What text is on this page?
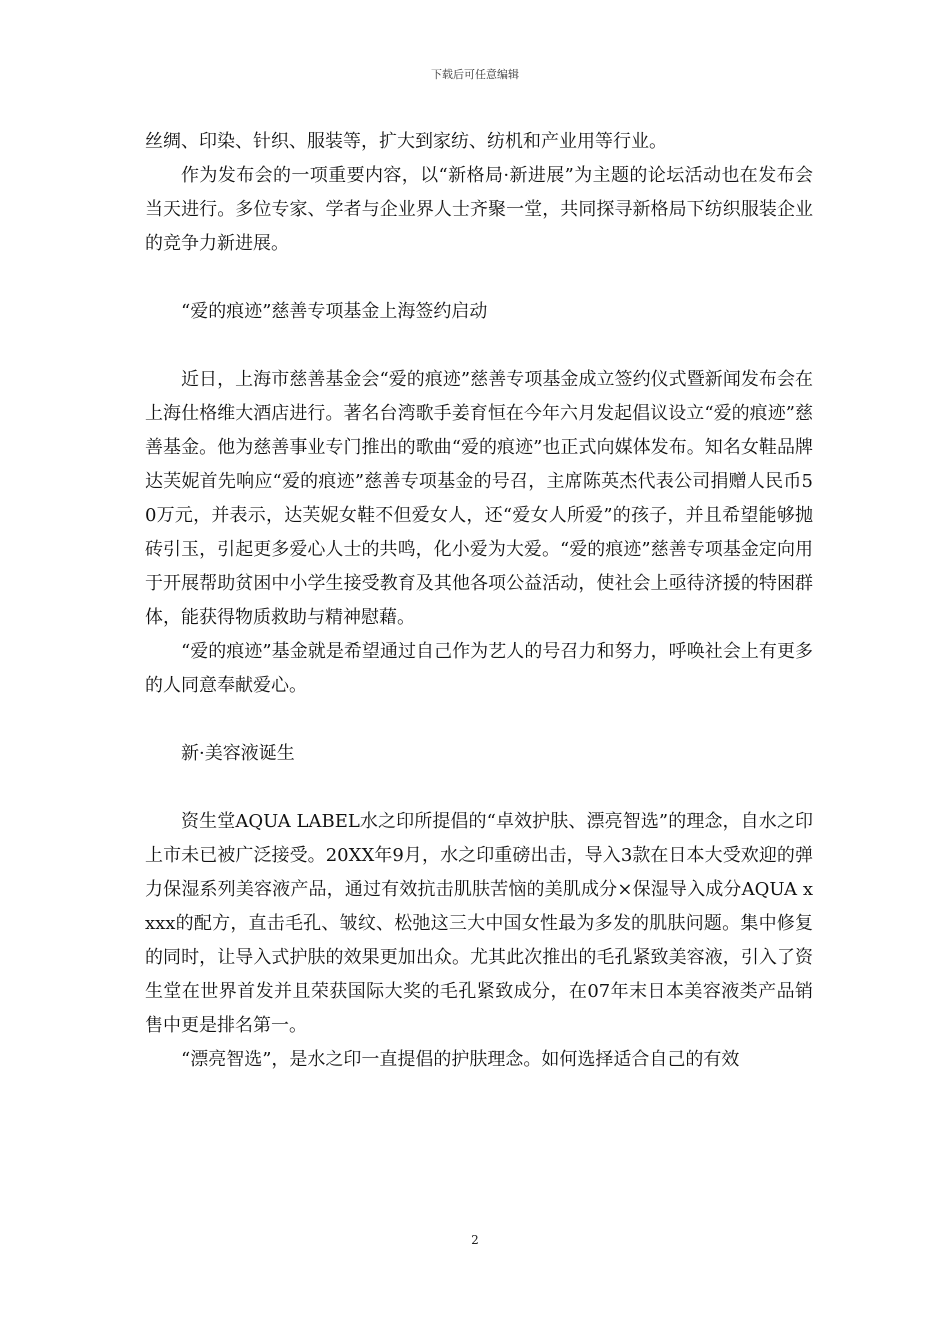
下载后可任意编辑

丝绸、印染、针织、服装等，扩大到家纺、纺机和产业用等行业。

作为发布会的一项重要内容，以“新格局·新进展”为主题的论坛活动也在发布会当天进行。多位专家、学者与企业界人士齐聚一堂，共同探寻新格局下纺织服装企业的竞争力新进展。

“爱的痕迹”慈善专项基金上海签约启动

近日，上海市慈善基金会“爱的痕迹”慈善专项基金成立签约仪式暨新闻发布会在上海仕格维大酒店进行。著名台湾歌手姜育恒在今年六月发起倡议设立“爱的痕迹”慈善基金。他为慈善事业专门推出的歌曲“爱的痕迹”也正式向媒体发布。知名女鞋品牌达芙妮首先响应“爱的痕迹”慈善专项基金的号召，主席陈英杰代表公司捐赠人民币50万元，并表示，达芙妮女鞋不但爱女人，还“爱女人所爱”的孩子，并且希望能够抛砖引玉，引起更多爱心人士的共鸣，化小爱为大爱。“爱的痕迹”慈善专项基金定向用于开展帮助贫困中小学生接受教育及其他各项公益活动，使社会上亟待济援的特困群体，能获得物质救助与精神慰藉。

“爱的痕迹”基金就是希望通过自己作为艺人的号召力和努力，呼唤社会上有更多的人同意奉献爱心。

新·美容液诞生

资生堂AQUA LABEL水之印所提倡的“卓效护肤、漂亮智选”的理念，自水之印上市未已被广泛接受。20XX年9月，水之印重磅出击，导入3款在日本大受欢迎的弹力保湿系列美容液产品，通过有效抗击肌肤苦恼的美肌成分×保湿导入成分AQUA xxxx的配方，直击毛孔、皱纹、松弛这三大中国女性最为多发的肌肤问题。集中修复的同时，让导入式护肤的效果更加出众。尤其此次推出的毛孔紧致美容液，引入了资生堂在世界首发并且荣获国际大奖的毛孔紧致成分，在07年末日本美容液类产品销售中更是排名第一。

“漂亮智选”，是水之印一直提倡的护肤理念。如何选择适合自己的有效

2
